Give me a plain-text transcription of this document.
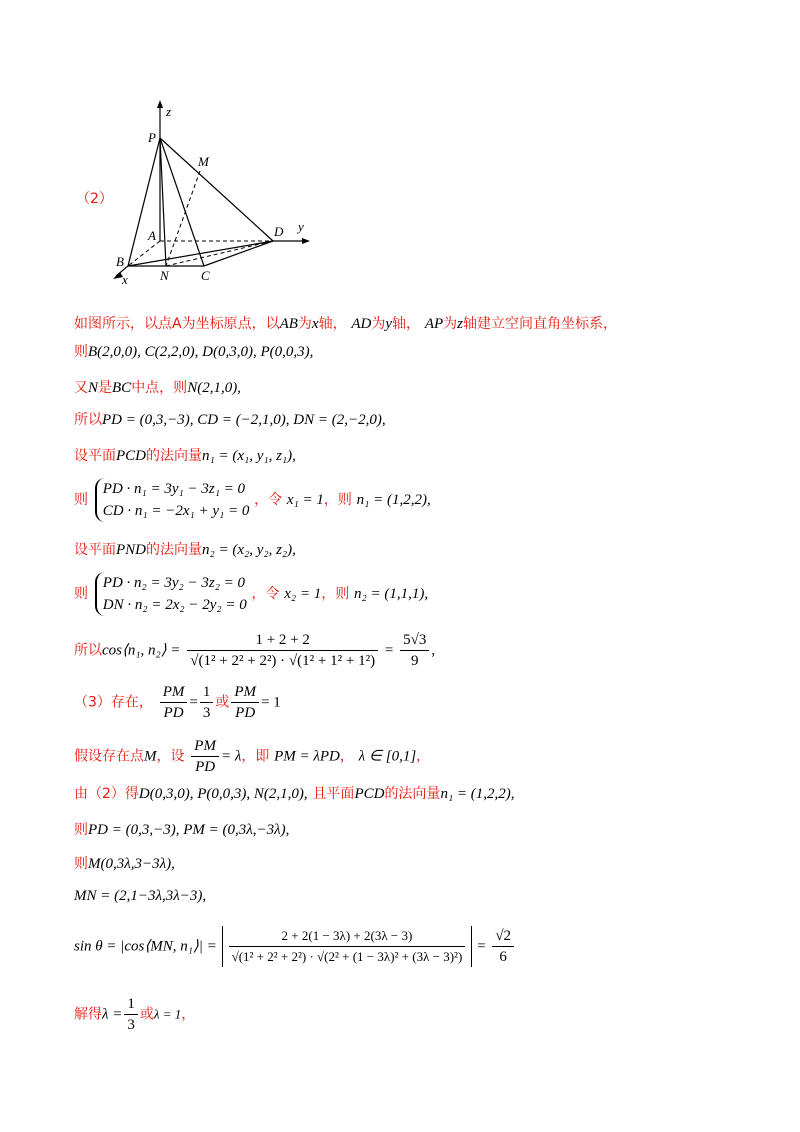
z
y
x
P
M
A	D
B
N C
（2）
如图所示，以点A为坐标原点，以AB为x轴， AD为y轴， AP为z轴建立空间直角坐标系，
则B(2,0,0), C(2,2,0), D(0,3,0), P(0,0,3),
又N是BC中点，则N(2,1,0),
所以PD = (0,3,−3), CD = (−2,1,0), DN = (2,−2,0),
设平面PCD的法向量n₁ = (x₁, y₁, z₁),
则
PD · n₁ = 3y₁ − 3z₁ = 0
CD · n₁ = −2x₁ + y₁ = 0
，令 x₁ = 1，则 n₁ = (1,2,2),
设平面PND的法向量n₂ = (x₂, y₂, z₂),
则
PD · n₂ = 3y₂ − 3z₂ = 0
DN · n₂ = 2x₂ − 2y₂ = 0
，令 x₂ = 1，则 n₂ = (1,1,1),
所以cos⟨n₁, n₂⟩ = $\frac{1 + 2 + 2}{\text{√(1² + 2² + 2²) · √(1² + 1² + 1²)}} = \frac{5√3}{9}$ ,
（3）存在， $\frac{PM}{PD} = \frac{1}{3}$ 或 $\frac{PM}{PD} = 1$
假设存在点M，设 $\frac{PM}{PD} = \lambda$，即 PM = λPD， λ ∈ [0,1]，
由（2）得D(0,3,0), P(0,0,3), N(2,1,0), 且平面PCD的法向量n₁ = (1,2,2),
则PD = (0,3,−3), PM = (0,3λ,−3λ),
则M(0,3λ,3−3λ),
MN = (2,1−3λ,3λ−3),
sin θ = |cos⟨MN, n₁⟩| = $\frac{2 + 2(1 - 3\lambda) + 2(3\lambda - 3)}{\text{√(1² + 2² + 2²) · √(2² + (1 − 3λ)² + (3λ − 3)²)}} = \frac{√2}{6}$
解得$\lambda = \frac{1}{3}$ 或λ = 1，
